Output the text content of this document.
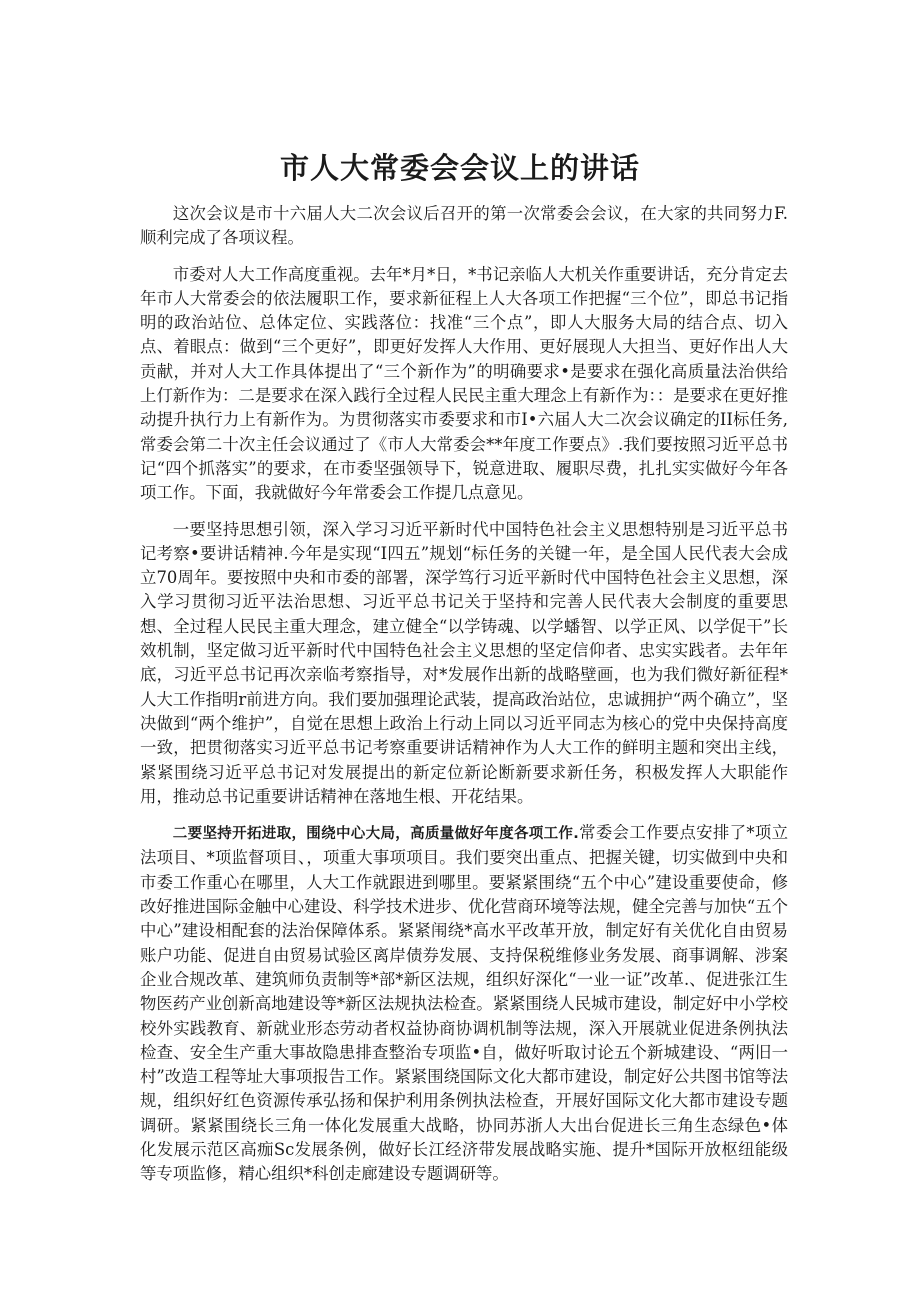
市人大常委会会议上的讲话

这次会议是市十六届人大二次会议后召开的第一次常委会会议，在大家的共同努力F.顺利完成了各项议程。

市委对人大工作高度重视。去年*月*日，*书记亲临人大机关作重要讲话，充分肯定去年市人大常委会的依法履职工作，要求新征程上人大各项工作把握“三个位”，即总书记指明的政治站位、总体定位、实践落位：找准“三个点”，即人大服务大局的结合点、切入点、着眼点：做到“三个更好”，即更好发挥人大作用、更好展现人大担当、更好作出人大贡献，并对人大工作具体提出了“三个新作为”的明确要求•是要求在强化高质量法治供给上仃新作为：二是要求在深入践行全过程人民民主重大理念上有新作为：：是要求在更好推动提升执行力上有新作为。为贯彻落实市委要求和市I•六届人大二次会议确定的II标任务,常委会第二十次主任会议通过了《市人大常委会**年度工作要点》.我们要按照习近平总书记“四个抓落实”的要求，在市委坚强领导下，锐意进取、履职尽费，扎扎实实做好今年各项工作。下面，我就做好今年常委会工作提几点意见。

一要坚持思想引领，深入学习习近平新时代中国特色社会主义思想特别是习近平总书记考察•要讲话精神.今年是实现“I四五”规划“标任务的关键一年，是全国人民代表大会成立70周年。要按照中央和市委的部署，深学笃行习近平新时代中国特色社会主义思想，深入学习贯彻习近平法治思想、习近平总书记关于坚持和完善人民代表大会制度的重要思想、全过程人民民主重大理念，建立健全“以学铸魂、以学蟠智、以学正风、以学促干”长效机制，坚定做习近平新时代中国特色社会主义思想的坚定信仰者、忠实实践者。去年年底，习近平总书记再次亲临考察指导，对*发展作出新的战略壁画，也为我们微好新征程*人大工作指明r前进方向。我们要加强理论武装，提高政治站位，忠诚拥护“两个确立”，坚决做到“两个维护”，自觉在思想上政治上行动上同以习近平同志为核心的党中央保持高度一致，把贯彻落实习近平总书记考察重要讲话精神作为人大工作的鲜明主题和突出主线，紧紧围绕习近平总书记对发展提出的新定位新论断新要求新任务，积极发挥人大职能作用，推动总书记重要讲话精神在落地生根、开花结果。

二要坚持开拓进取，围绕中心大局，高质量做好年度各项工作.常委会工作要点安排了*项立法项目、*项监督项目、，项重大事项项目。我们要突出重点、把握关键，切实做到中央和市委工作重心在哪里，人大工作就跟进到哪里。要紧紧围绕“五个中心”建设重要使命，修改好推进国际金触中心建设、科学技术进步、优化营商环境等法规，健全完善与加快“五个中心”建设相配套的法治保障体系。紧紧闱绕*高水平改革开放，制定好有关优化自由贸易账户功能、促进自由贸易试验区离岸债券发展、支持保税维修业务发展、商事调解、涉案企业合规改革、建筑师负责制等*部*新区法规，组织好深化“一业一证”改革.、促进张江生物医药产业创新高地建设等*新区法规执法检查。紧紧围绕人民城市建设，制定好中小学校校外实践教育、新就业形态劳动者权益协商协调机制等法规，深入开展就业促进条例执法检查、安全生产重大事故隐患排查整治专项监•自，做好听取讨论五个新城建设、“两旧一村”改造工程等址大事项报告工作。紧紧围绕国际文化大都市建设，制定好公共图书馆等法规，组织好红色资源传承弘扬和保护利用条例执法检查，开展好国际文化大都市建设专题调研。紧紧围绕长三角一体化发展重大战略，协同苏浙人大出台促进长三角生态绿色•体化发展示范区高痂Sc发展条例，做好长江经济带发展战略实施、提升*国际开放枢纽能级等专项监修，精心组织*科创走廊建设专题调研等。
